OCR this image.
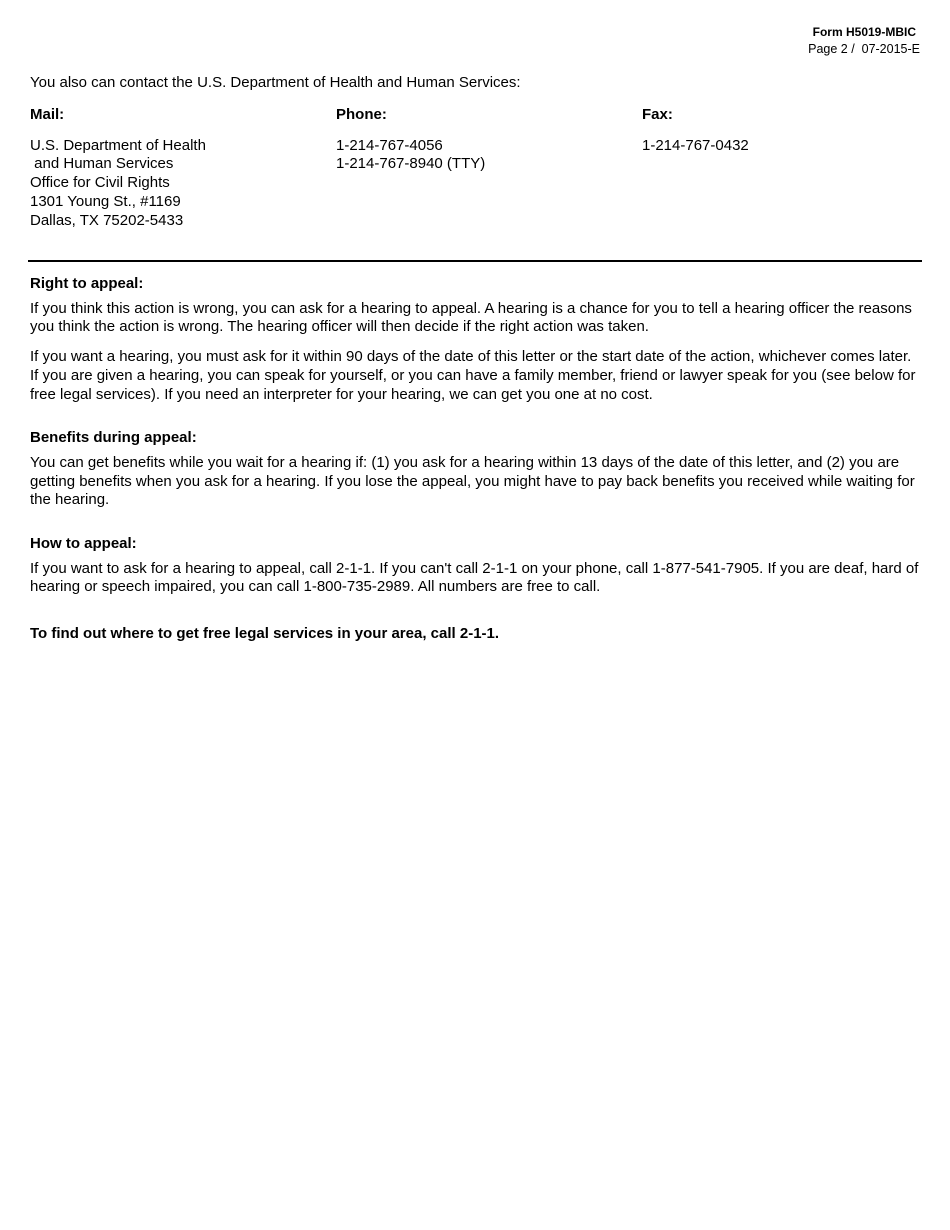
Form H5019-MBIC
Page 2 /  07-2015-E
You also can contact the U.S. Department of Health and Human Services:
Mail:
U.S. Department of Health
and Human Services
Office for Civil Rights
1301 Young St., #1169
Dallas, TX 75202-5433
Phone:
1-214-767-4056
1-214-767-8940 (TTY)
Fax:
1-214-767-0432
Right to appeal:

If you think this action is wrong, you can ask for a hearing to appeal. A hearing is a chance for you to tell a hearing officer the reasons you think the action is wrong. The hearing officer will then decide if the right action was taken.

If you want a hearing, you must ask for it within 90 days of the date of this letter or the start date of the action, whichever comes later. If you are given a hearing, you can speak for yourself, or you can have a family member, friend or lawyer speak for you (see below for free legal services). If you need an interpreter for your hearing, we can get you one at no cost.

Benefits during appeal:

You can get benefits while you wait for a hearing if: (1) you ask for a hearing within 13 days of the date of this letter, and (2) you are getting benefits when you ask for a hearing. If you lose the appeal, you might have to pay back benefits you received while waiting for the hearing.

How to appeal:

If you want to ask for a hearing to appeal, call 2-1-1. If you can't call 2-1-1 on your phone, call 1-877-541-7905. If you are deaf, hard of hearing or speech impaired, you can call 1-800-735-2989. All numbers are free to call.

To find out where to get free legal services in your area, call 2-1-1.
